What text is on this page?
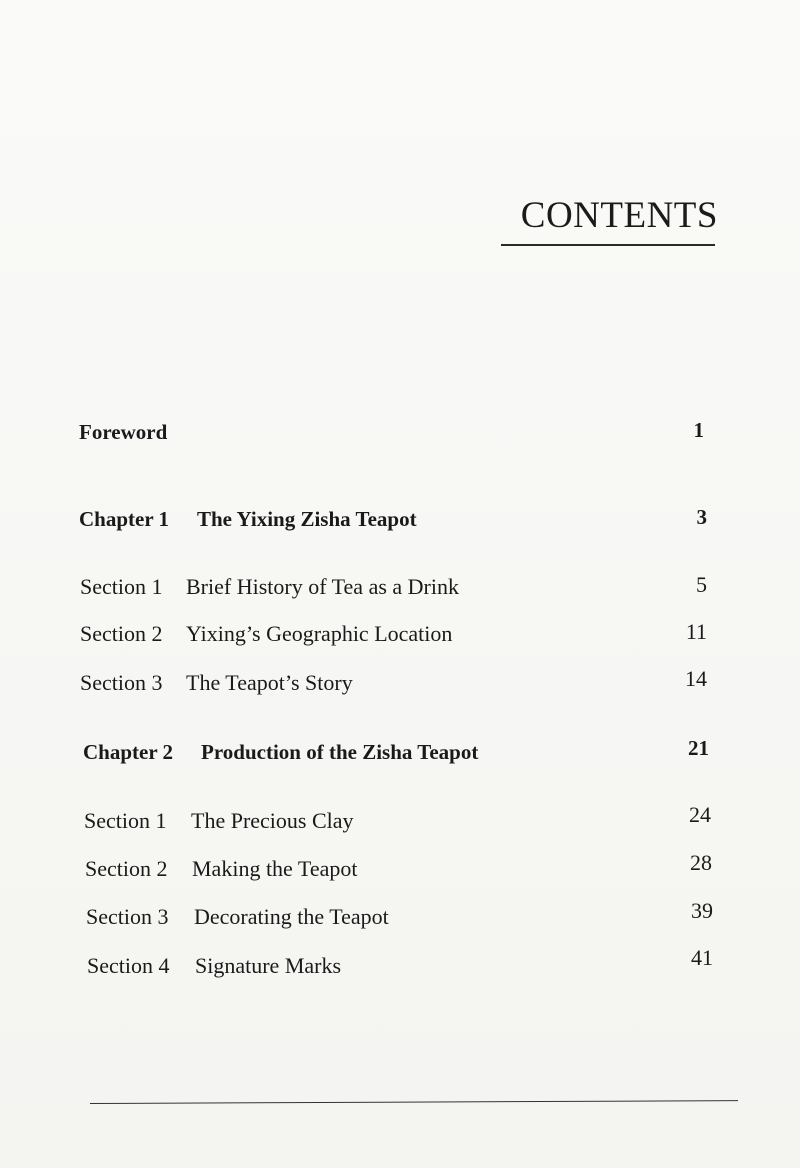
CONTENTS
Foreword	1
Chapter 1	The Yixing Zisha Teapot	3
Section 1	Brief History of Tea as a Drink	5
Section 2	Yixing’s Geographic Location	11
Section 3	The Teapot’s Story	14
Chapter 2	Production of the Zisha Teapot	21
Section 1	The Precious Clay	24
Section 2	Making the Teapot	28
Section 3	Decorating the Teapot	39
Section 4	Signature Marks	41
